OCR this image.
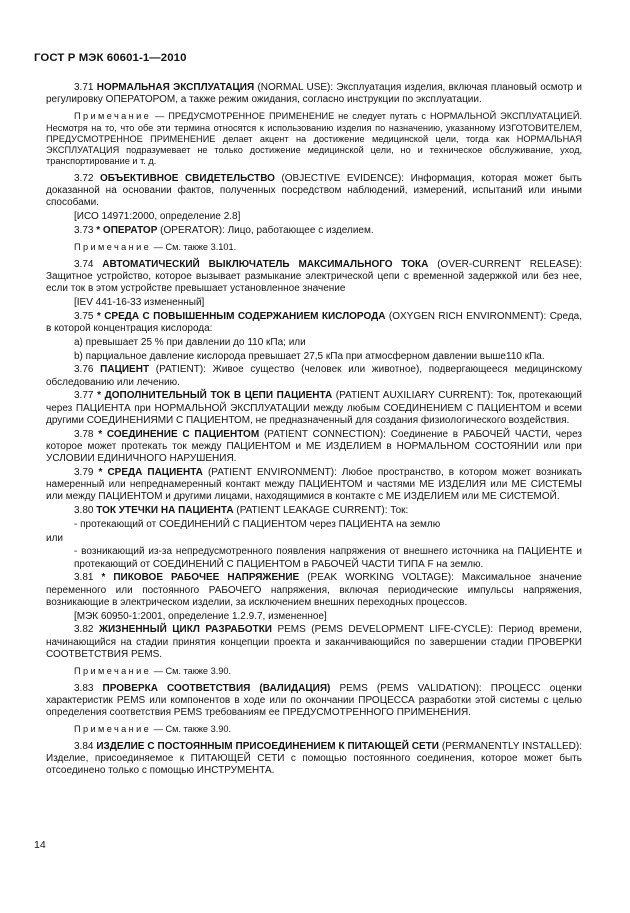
ГОСТ Р МЭК 60601-1—2010

3.71 НОРМАЛЬНАЯ ЭКСПЛУАТАЦИЯ (NORMAL USE): Эксплуатация изделия, включая плановый осмотр и регулировку ОПЕРАТОРОМ, а также режим ожидания, согласно инструкции по эксплуатации.

Примечание — ПРЕДУСМОТРЕННОЕ ПРИМЕНЕНИЕ не следует путать с НОРМАЛЬНОЙ ЭКСПЛУАТАЦИЕЙ. Несмотря на то, что обе эти термина относятся к использованию изделия по назначению, указанному ИЗГОТОВИТЕЛЕМ, ПРЕДУСМОТРЕННОЕ ПРИМЕНЕНИЕ делает акцент на достижение медицинской цели, тогда как НОРМАЛЬНАЯ ЭКСПЛУАТАЦИЯ подразумевает не только достижение медицинской цели, но и техническое обслуживание, уход, транспортирование и т. д.

3.72 ОБЪЕКТИВНОЕ СВИДЕТЕЛЬСТВО (OBJECTIVE EVIDENCE): Информация, которая может быть доказанной на основании фактов, полученных посредством наблюдений, измерений, испытаний или иными способами.

[ИСО 14971:2000, определение 2.8]

3.73 * ОПЕРАТОР (OPERATOR): Лицо, работающее с изделием.

Примечание — См. также 3.101.

3.74 АВТОМАТИЧЕСКИЙ ВЫКЛЮЧАТЕЛЬ МАКСИМАЛЬНОГО ТОКА (OVER-CURRENT RELEASE): Защитное устройство, которое вызывает размыкание электрической цепи с временной задержкой или без нее, если ток в этом устройстве превышает установленное значение

[IEV 441-16-33 измененный]

3.75 * СРЕДА С ПОВЫШЕННЫМ СОДЕРЖАНИЕМ КИСЛОРОДА (OXYGEN RICH ENVIRONMENT): Среда, в которой концентрация кислорода:

а) превышает 25 % при давлении до 110 кПа; или

b) парциальное давление кислорода превышает 27,5 кПа при атмосферном давлении выше110 кПа.

3.76 ПАЦИЕНТ (PATIENT): Живое существо (человек или животное), подвергающееся медицинскому обследованию или лечению.

3.77 * ДОПОЛНИТЕЛЬНЫЙ ТОК В ЦЕПИ ПАЦИЕНТА (PATIENT AUXILIARY CURRENT): Ток, протекающий через ПАЦИЕНТА при НОРМАЛЬНОЙ ЭКСПЛУАТАЦИИ между любым СОЕДИНЕНИЕМ С ПАЦИЕНТОМ и всеми другими СОЕДИНЕНИЯМИ С ПАЦИЕНТОМ, не предназначенный для создания физиологического воздействия.

3.78 * СОЕДИНЕНИЕ С ПАЦИЕНТОМ (PATIENT CONNECTION): Соединение в РАБОЧЕЙ ЧАСТИ, через которое может протекать ток между ПАЦИЕНТОМ и МЕ ИЗДЕЛИЕМ в НОРМАЛЬНОМ СОСТОЯНИИ или при УСЛОВИИ ЕДИНИЧНОГО НАРУШЕНИЯ.

3.79 * СРЕДА ПАЦИЕНТА (PATIENT ENVIRONMENT): Любое пространство, в котором может возникать намеренный или непреднамеренный контакт между ПАЦИЕНТОМ и частями МЕ ИЗДЕЛИЯ или МЕ СИСТЕМЫ или между ПАЦИЕНТОМ и другими лицами, находящимися в контакте с МЕ ИЗДЕЛИЕМ или МЕ СИСТЕМОЙ.

3.80 ТОК УТЕЧКИ НА ПАЦИЕНТА (PATIENT LEAKAGE CURRENT): Ток:

- протекающий от СОЕДИНЕНИЙ С ПАЦИЕНТОМ через ПАЦИЕНТА на землю

или

- возникающий из-за непредусмотренного появления напряжения от внешнего источника на ПАЦИЕНТЕ и протекающий от СОЕДИНЕНИЙ С ПАЦИЕНТОМ в РАБОЧЕЙ ЧАСТИ ТИПА F на землю.

3.81 * ПИКОВОЕ РАБОЧЕЕ НАПРЯЖЕНИЕ (PEAK WORKING VOLTAGE): Максимальное значение переменного или постоянного РАБОЧЕГО напряжения, включая периодические импульсы напряжения, возникающие в электрическом изделии, за исключением внешних переходных процессов.

[МЭК 60950-1:2001, определение 1.2.9.7, измененное]

3.82 ЖИЗНЕННЫЙ ЦИКЛ РАЗРАБОТКИ PEMS (PEMS DEVELOPMENT LIFE-CYCLE): Период времени, начинающийся на стадии принятия концепции проекта и заканчивающийся по завершении стадии ПРОВЕРКИ СООТВЕТСТВИЯ PEMS.

Примечание — См. также 3.90.

3.83 ПРОВЕРКА СООТВЕТСТВИЯ (ВАЛИДАЦИЯ) PEMS (PEMS VALIDATION): ПРОЦЕСС оценки характеристик PEMS или компонентов в ходе или по окончании ПРОЦЕССА разработки этой системы с целью определения соответствия PEMS требованиям ее ПРЕДУСМОТРЕННОГО ПРИМЕНЕНИЯ.

Примечание — См. также 3.90.

3.84 ИЗДЕЛИЕ С ПОСТОЯННЫМ ПРИСОЕДИНЕНИЕМ К ПИТАЮЩЕЙ СЕТИ (PERMANENTLY INSTALLED): Изделие, присоединяемое к ПИТАЮЩЕЙ СЕТИ с помощью постоянного соединения, которое может быть отсоединено только с помощью ИНСТРУМЕНТА.

14
